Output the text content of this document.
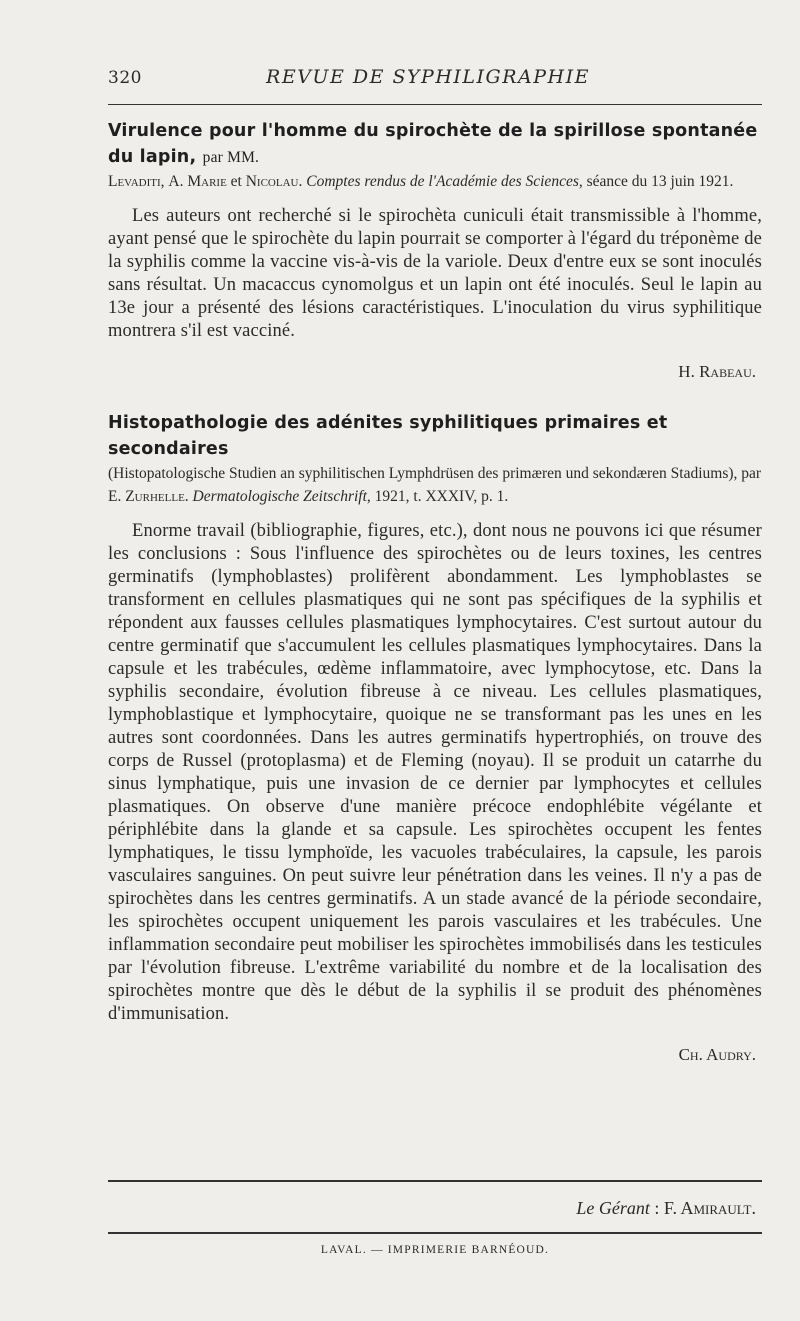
320	REVUE DE SYPHILIGRAPHIE
Virulence pour l'homme du spirochète de la spirillose spontanée du lapin, par MM.
Levaditi, A. Marie et Nicolau. Comptes rendus de l'Académie des Sciences, séance du 13 juin 1921.

Les auteurs ont recherché si le spirochèta cuniculi était transmissible à l'homme, ayant pensé que le spirochète du lapin pourrait se comporter à l'égard du tréponème de la syphilis comme la vaccine vis-à-vis de la variole. Deux d'entre eux se sont inoculés sans résultat. Un macaccus cynomolgus et un lapin ont été inoculés. Seul le lapin au 13e jour a présenté des lésions caractéristiques. L'inoculation du virus syphilitique montrera s'il est vacciné.

H. Rabeau.
Histopathologie des adénites syphilitiques primaires et secondaires
(Histopatologische Studien an syphilitischen Lymphdrüsen des primæren und sekondæren Stadiums), par E. Zurhelle. Dermatologische Zeitschrift, 1921, t. XXXIV, p. 1.

Enorme travail (bibliographie, figures, etc.), dont nous ne pouvons ici que résumer les conclusions : Sous l'influence des spirochètes ou de leurs toxines, les centres germinatifs (lymphoblastes) prolifèrent abondamment. Les lymphoblastes se transforment en cellules plasmatiques qui ne sont pas spécifiques de la syphilis et répondent aux fausses cellules plasmatiques lymphocytaires. C'est surtout autour du centre germinatif que s'accumulent les cellules plasmatiques lymphocytaires. Dans la capsule et les trabécules, œdème inflammatoire, avec lymphocytose, etc. Dans la syphilis secondaire, évolution fibreuse à ce niveau. Les cellules plasmatiques, lymphoblastique et lymphocytaire, quoique ne se transformant pas les unes en les autres sont coordonnées. Dans les autres germinatifs hypertrophiés, on trouve des corps de Russel (protoplasma) et de Fleming (noyau). Il se produit un catarrhe du sinus lymphatique, puis une invasion de ce dernier par lymphocytes et cellules plasmatiques. On observe d'une manière précoce endophlébite végélante et périphlébite dans la glande et sa capsule. Les spirochètes occupent les fentes lymphatiques, le tissu lymphoïde, les vacuoles trabéculaires, la capsule, les parois vasculaires sanguines. On peut suivre leur pénétration dans les veines. Il n'y a pas de spirochètes dans les centres germinatifs. A un stade avancé de la période secondaire, les spirochètes occupent uniquement les parois vasculaires et les trabécules. Une inflammation secondaire peut mobiliser les spirochètes immobilisés dans les testicules par l'évolution fibreuse. L'extrême variabilité du nombre et de la localisation des spirochètes montre que dès le début de la syphilis il se produit des phénomènes d'immunisation.

Ch. Audry.
Le Gérant : F. Amirault.
LAVAL. — IMPRIMERIE BARNÉOUD.
